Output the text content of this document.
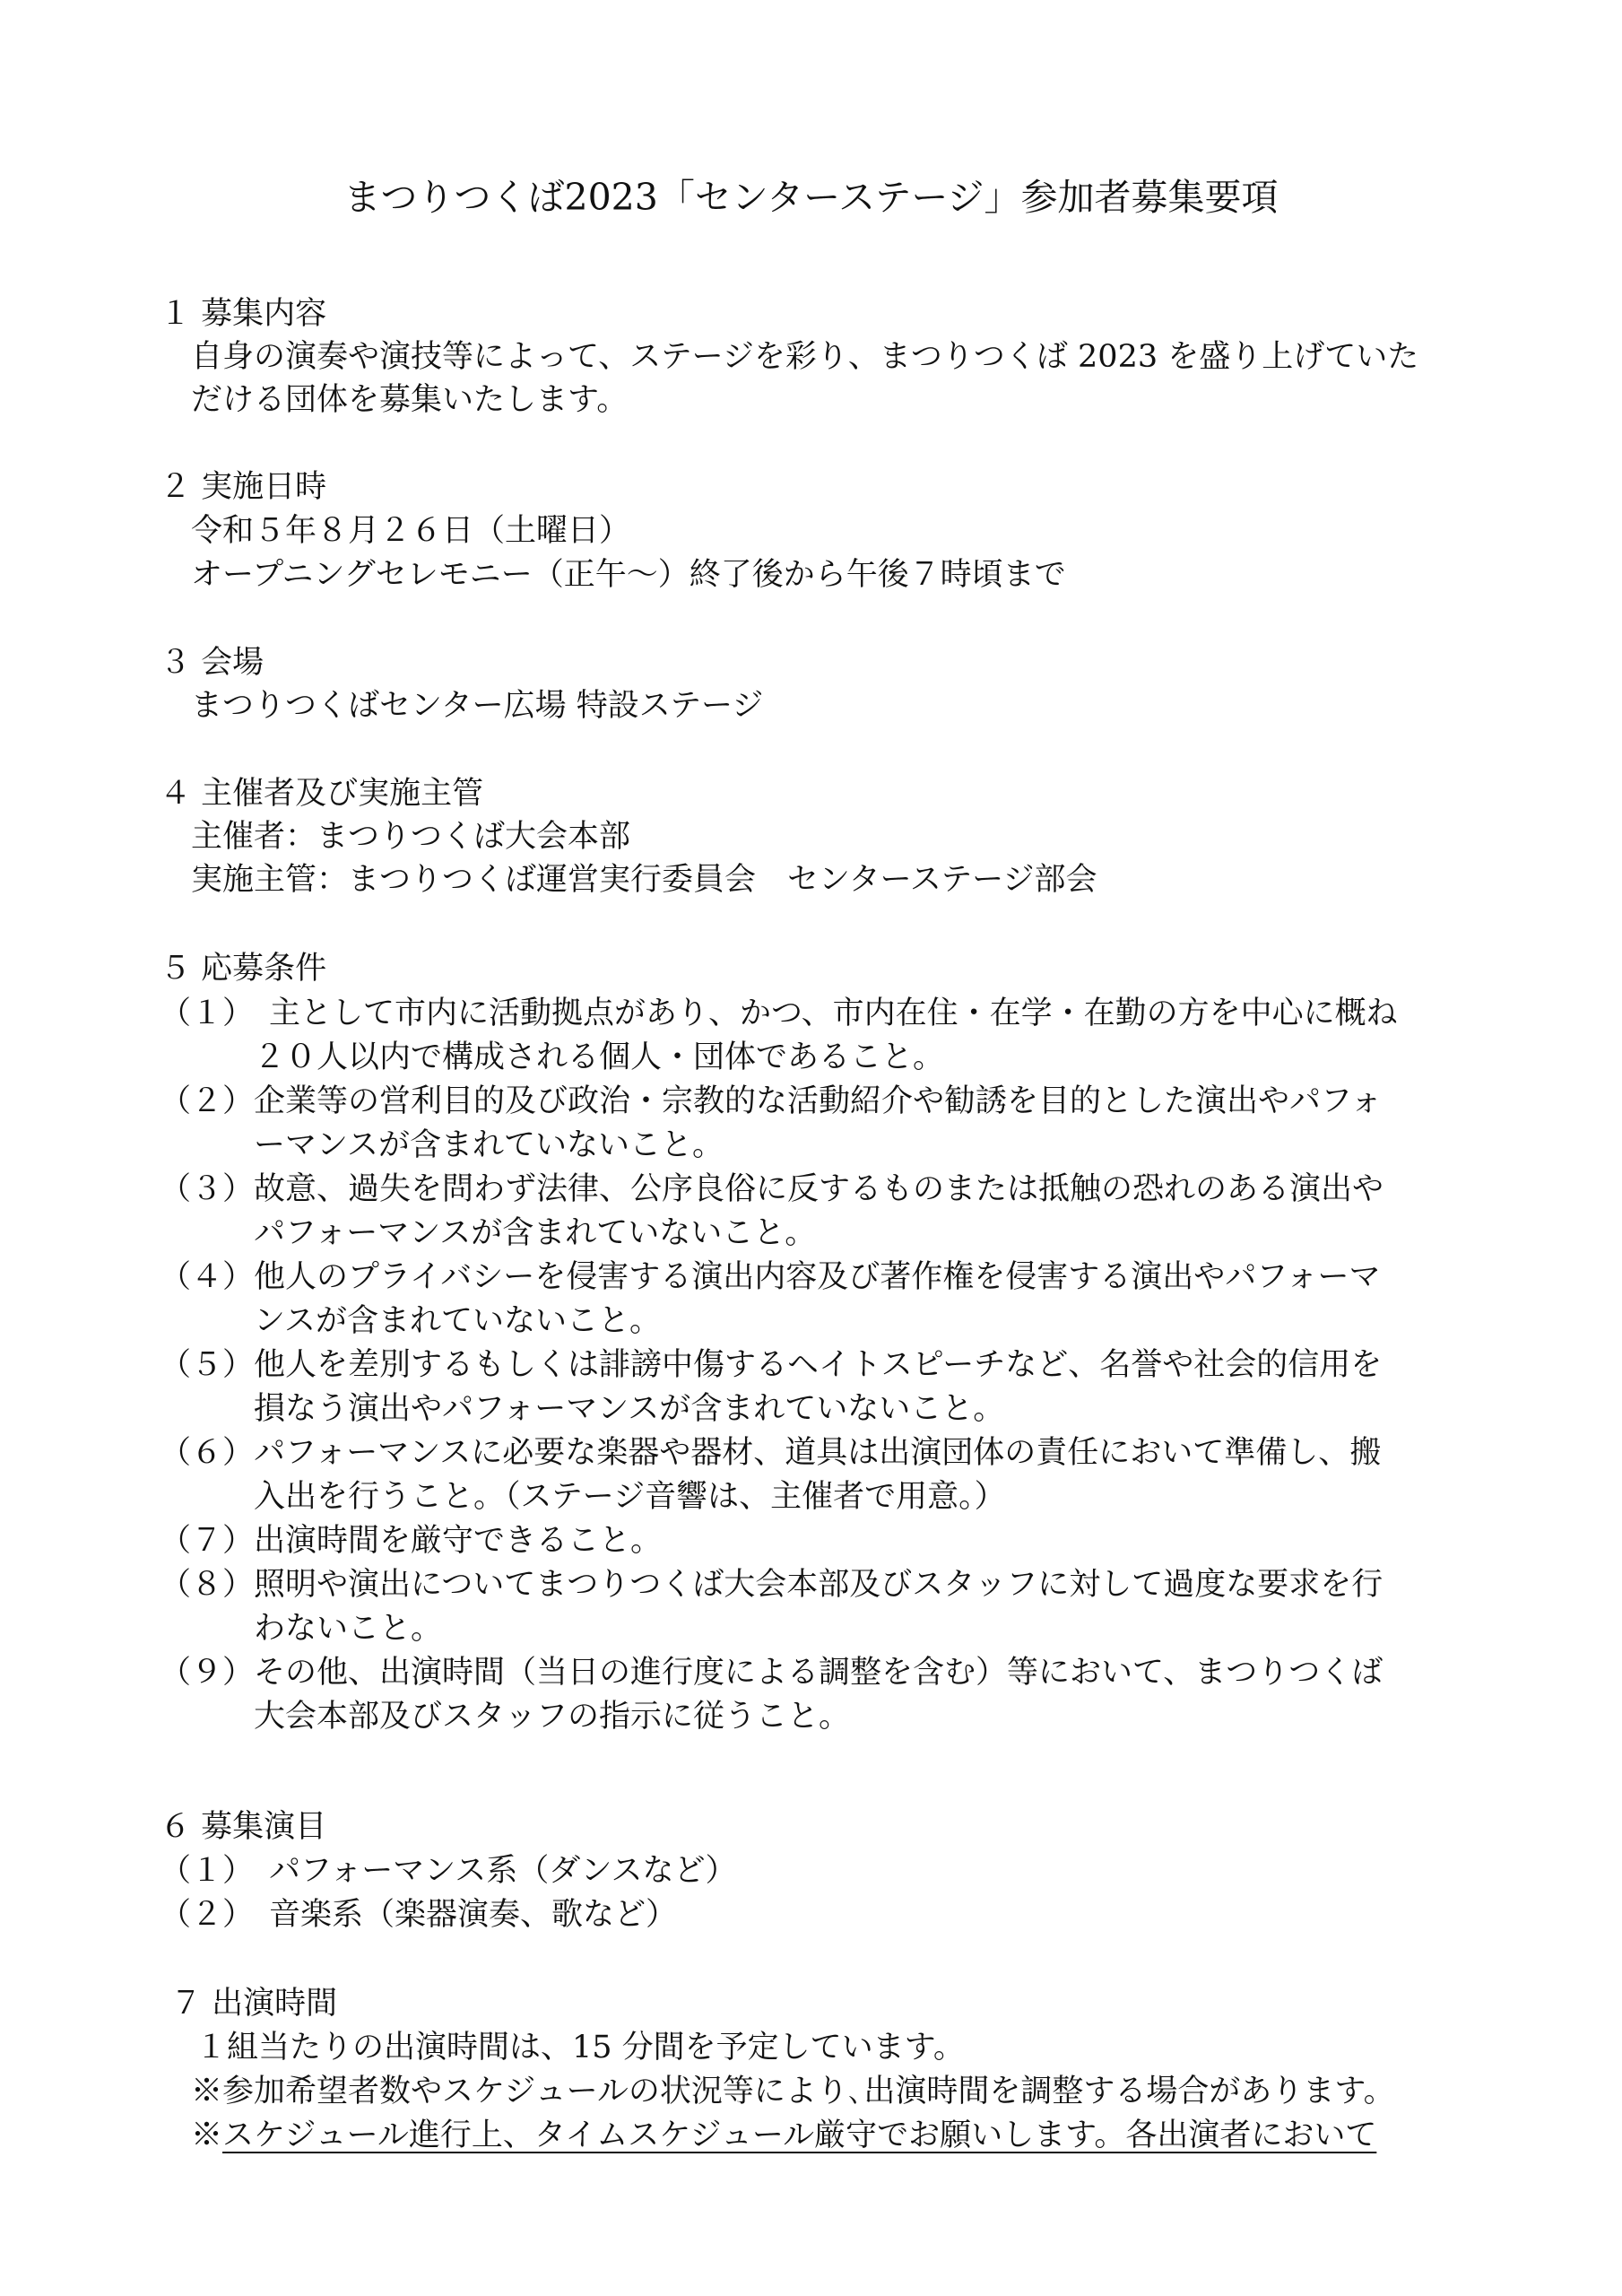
まつりつくば2023「センターステージ」参加者募集要項
１ 募集内容
自身の演奏や演技等によって、ステージを彩り、まつりつくば 2023 を盛り上げていた
だける団体を募集いたします。
２ 実施日時
令和５年８月２６日（土曜日）
オープニングセレモニー（正午～）終了後から午後７時頃まで
３ 会場
まつりつくばセンター広場 特設ステージ
４ 主催者及び実施主管
主催者：まつりつくば大会本部
実施主管：まつりつくば運営実行委員会　センターステージ部会
５ 応募条件
（１） 主として市内に活動拠点があり、かつ、市内在住・在学・在勤の方を中心に概ね
２０人以内で構成される個人・団体であること。
（２） 企業等の営利目的及び政治・宗教的な活動紹介や勧誘を目的とした演出やパフォ
ーマンスが含まれていないこと。
（３） 故意、過失を問わず法律、公序良俗に反するものまたは抵触の恐れのある演出や
パフォーマンスが含まれていないこと。
（４） 他人のプライバシーを侵害する演出内容及び著作権を侵害する演出やパフォーマ
ンスが含まれていないこと。
（５） 他人を差別するもしくは誹謗中傷するヘイトスピーチなど、名誉や社会的信用を
損なう演出やパフォーマンスが含まれていないこと。
（６） パフォーマンスに必要な楽器や器材、道具は出演団体の責任において準備し、搬
入出を行うこと。（ステージ音響は、主催者で用意。）
（７） 出演時間を厳守できること。
（８） 照明や演出についてまつりつくば大会本部及びスタッフに対して過度な要求を行
わないこと。
（９） その他、出演時間（当日の進行度による調整を含む）等において、まつりつくば
大会本部及びスタッフの指示に従うこと。
６ 募集演目
（１） パフォーマンス系（ダンスなど）
（２） 音楽系（楽器演奏、歌など）
７ 出演時間
１組当たりの出演時間は、15 分間を予定しています。
※参加希望者数やスケジュールの状況等により､出演時間を調整する場合があります。
※スケジュール進行上、タイムスケジュール厳守でお願いします。各出演者において
